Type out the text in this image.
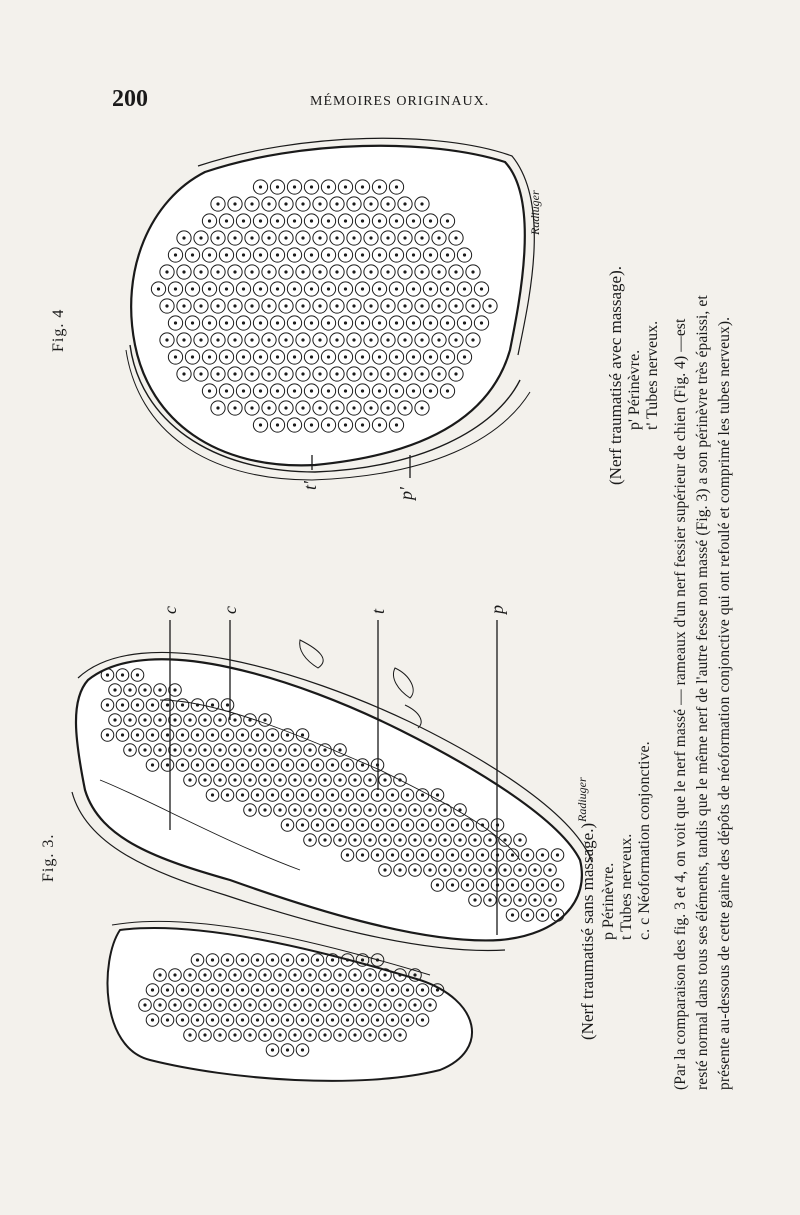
200	MÉMOIRES ORIGINAUX.
Fig. 4
Radiuger
t'
p'
(Nerf traumatisé avec massage). p' Périnèvre. t' Tubes nerveux.
Fig. 3.
Radiuger
c c	t	p
(Nerf traumatisé sans massage.) p Périnèvre. t Tubes nerveux. c. c Néoformation conjonctive. (Par la comparaison des fig. 3 et 4, on voit que le nerf massé — rameaux d'un nerf fessier supérieur de chien (Fig. 4) —est resté normal dans tous ses éléments, tandis que le même nerf de l'autre fesse non massé (Fig. 3) a son périnèvre très épaissi, et présente au-dessous de cette gaine des dépôts de néoformation conjonctive qui ont refoulé et comprimé les tubes nerveux).
